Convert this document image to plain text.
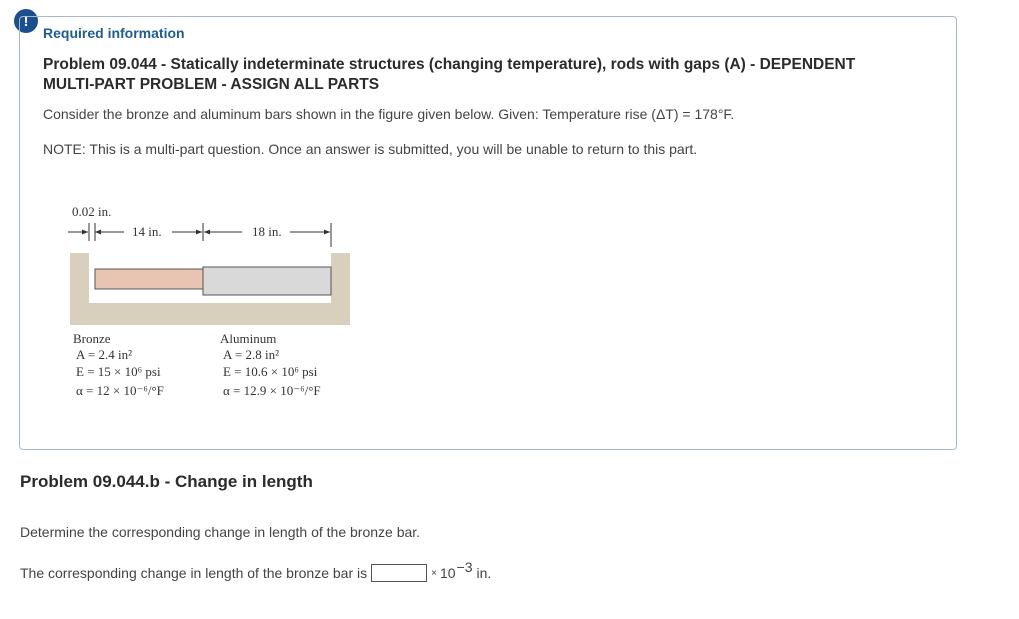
!
Required information
Problem 09.044 - Statically indeterminate structures (changing temperature), rods with gaps (A) - DEPENDENT MULTI-PART PROBLEM - ASSIGN ALL PARTS
Consider the bronze and aluminum bars shown in the figure given below. Given: Temperature rise (ΔT) = 178°F.
NOTE: This is a multi-part question. Once an answer is submitted, you will be unable to return to this part.
0.02 in.
14 in.	18 in.
Bronze
A = 2.4 in²
E = 15 × 10⁶ psi
α = 12 × 10⁻⁶/°F
Aluminum
A = 2.8 in²
E = 10.6 × 10⁶ psi
α = 12.9 × 10⁻⁶/°F
Problem 09.044.b - Change in length
Determine the corresponding change in length of the bronze bar.
The corresponding change in length of the bronze bar is	× 10 −3 in.
